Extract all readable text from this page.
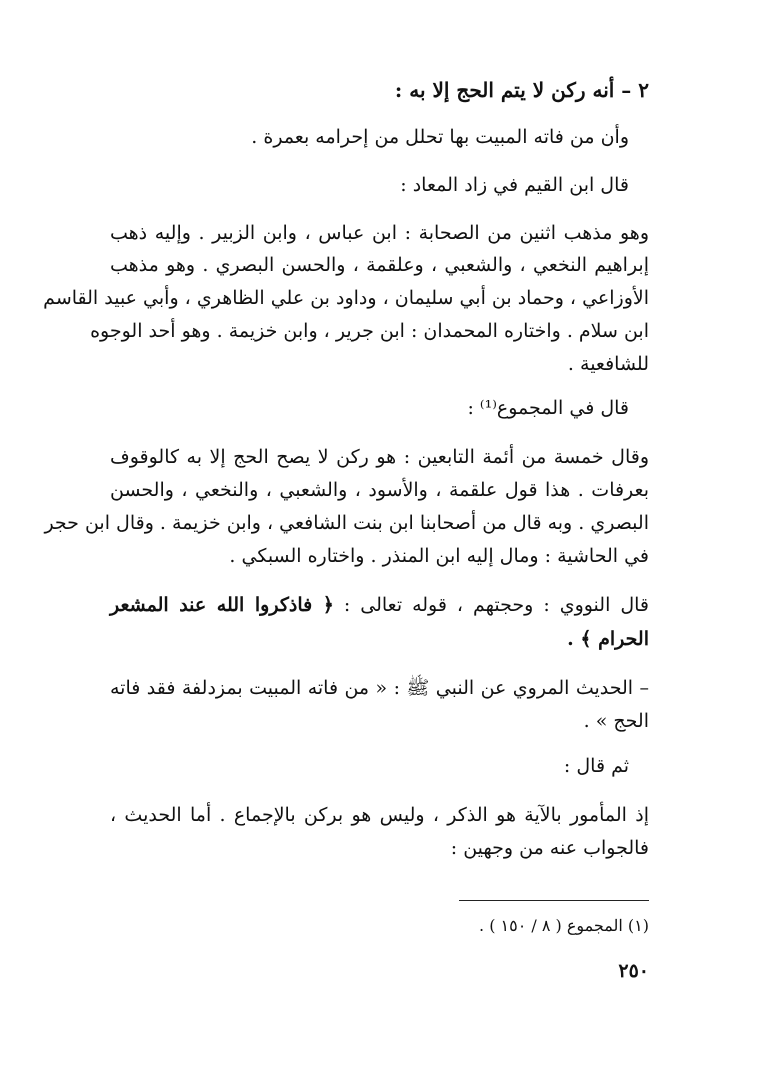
٢ – أنه ركن لا يتم الحج إلا به :
وأن من فاته المبيت بها تحلل من إحرامه بعمرة .
قال ابن القيم في زاد المعاد :
وهو مذهب اثنين من الصحابة : ابن عباس ، وابن الزبير . وإليه ذهب
إبراهيم النخعي ، والشعبي ، وعلقمة ، والحسن البصري . وهو مذهب
الأوزاعي ، وحماد بن أبي سليمان ، وداود بن علي الظاهري ، وأبي عبيد القاسم
ابن سلام . واختاره المحمدان : ابن جرير ، وابن خزيمة . وهو أحد الوجوه
للشافعية .
قال في المجموع⁽¹⁾ :
وقال خمسة من أئمة التابعين : هو ركن لا يصح الحج إلا به كالوقوف
بعرفات . هذا قول علقمة ، والأسود ، والشعبي ، والنخعي ، والحسن
البصري . وبه قال من أصحابنا ابن بنت الشافعي ، وابن خزيمة . وقال ابن حجر
في الحاشية : ومال إليه ابن المنذر . واختاره السبكي .
قال النووي : وحجتهم ، قوله تعالى : ﴿ فاذكروا الله عند المشعر
الحرام ﴾ .
– الحديث المروي عن النبي ﷺ : « من فاته المبيت بمزدلفة فقد فاته
الحج » .
ثم قال :
إذ المأمور بالآية هو الذكر ، وليس هو بركن بالإجماع . أما الحديث ،
فالجواب عنه من وجهين :
(١) المجموع ( ٨ / ١٥٠ ) .
٢٥٠
